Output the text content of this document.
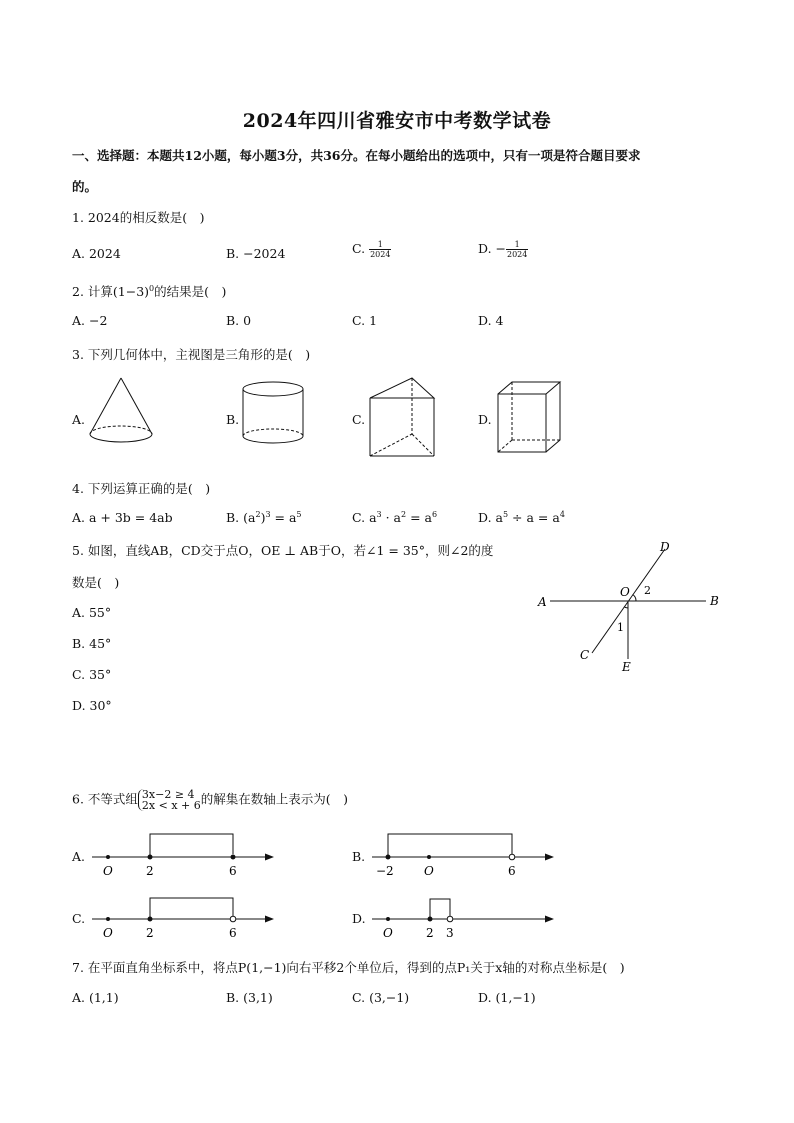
2024年四川省雅安市中考数学试卷
一、选择题：本题共12小题，每小题3分，共36分。在每小题给出的选项中，只有一项是符合题目要求
的。
1. 2024的相反数是(　)
A. 2024	B. −2024	C. $\frac{1}{2024}$	D. − $\frac{1}{2024}$
2. 计算$(1-3)^0$的结果是(　)
A. −2	B. 0	C. 1	D. 4
3. 下列几何体中，主视图是三角形的是(　)
A.	B.	C.	D.
4. 下列运算正确的是(　)
A. a + 3b = 4ab	B. $(a^2)^3 = a^5$	C. $a^3 \cdot a^2 = a^6$	D. $a^5 \div a = a^4$
5. 如图，直线AB，CD交于点O，OE ⊥ AB于O，若∠1 = 35°，则∠2的度
数是(　)
A. 55°
B. 45°
C. 35°
D. 30°
A	B
C
D
E
O 2
1
6. 不等式组 3x−2 ≥ 4
2x < x + 6 的解集在数轴上表示为(　)
A.
O	2	6
B.
−2	O	6
C.
O	2	6
D.
O	2 3
7. 在平面直角坐标系中，将点P(1,−1)向右平移2个单位后，得到的点P₁关于x轴的对称点坐标是(　)
A. (1,1)	B. (3,1)	C. (3,−1)	D. (1,−1)
